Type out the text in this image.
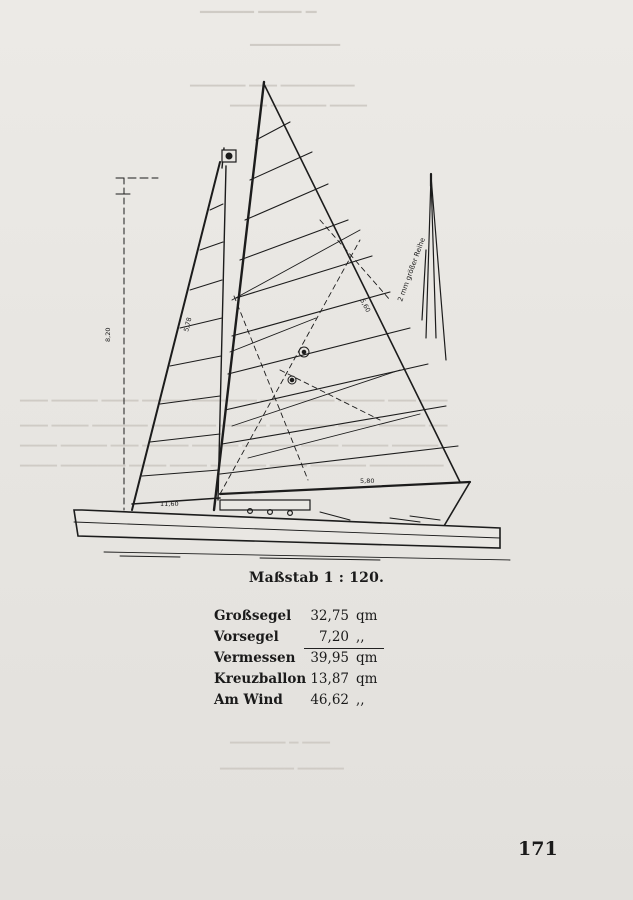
▔▔▔▔▔ ▔▔▔▔ ▔
▔▔▔▔▔▔▔▔▔
▔▔▔▔▔▔ ▔▔▔ ▔▔▔▔▔▔▔▔
▔▔▔▔ ▔▔▔▔▔▔ ▔▔▔▔
▔▔▔ ▔▔▔▔▔ ▔▔▔▔ ▔▔▔▔▔ ▔▔▔▔▔▔▔ ▔▔▔▔▔▔▔▔ ▔▔▔▔▔ ▔▔▔ ▔▔▔
▔▔▔ ▔▔▔▔ ▔▔▔▔▔▔ ▔▔▔▔▔▔▔ ▔▔▔▔▔ ▔▔▔▔▔▔▔ ▔▔▔▔ ▔▔▔▔▔ ▔▔
▔▔▔▔ ▔▔▔▔▔ ▔▔▔ ▔▔▔▔▔ ▔▔▔▔▔ ▔▔▔▔▔▔ ▔▔▔▔ ▔▔▔▔▔ ▔▔▔▔▔
▔▔▔▔ ▔▔▔▔▔▔▔ ▔▔▔▔ ▔▔▔▔ ▔▔▔▔▔▔ ▔▔▔▔ ▔▔▔▔▔▔ ▔▔▔▔▔▔▔▔
▔▔▔▔▔▔ ▔ ▔▔▔
▔▔▔▔▔▔▔▔ ▔▔▔▔▔
2 mm größer Reihe
5,78
8,20
5,80
11,60
5,60
Maßstab 1 : 120.
Großsegel	32,75 qm
Vorsegel	7,20 ,,
Vermessen	39,95 qm
Kreuzballon 13,87 qm
Am Wind	46,62 ,,
171
